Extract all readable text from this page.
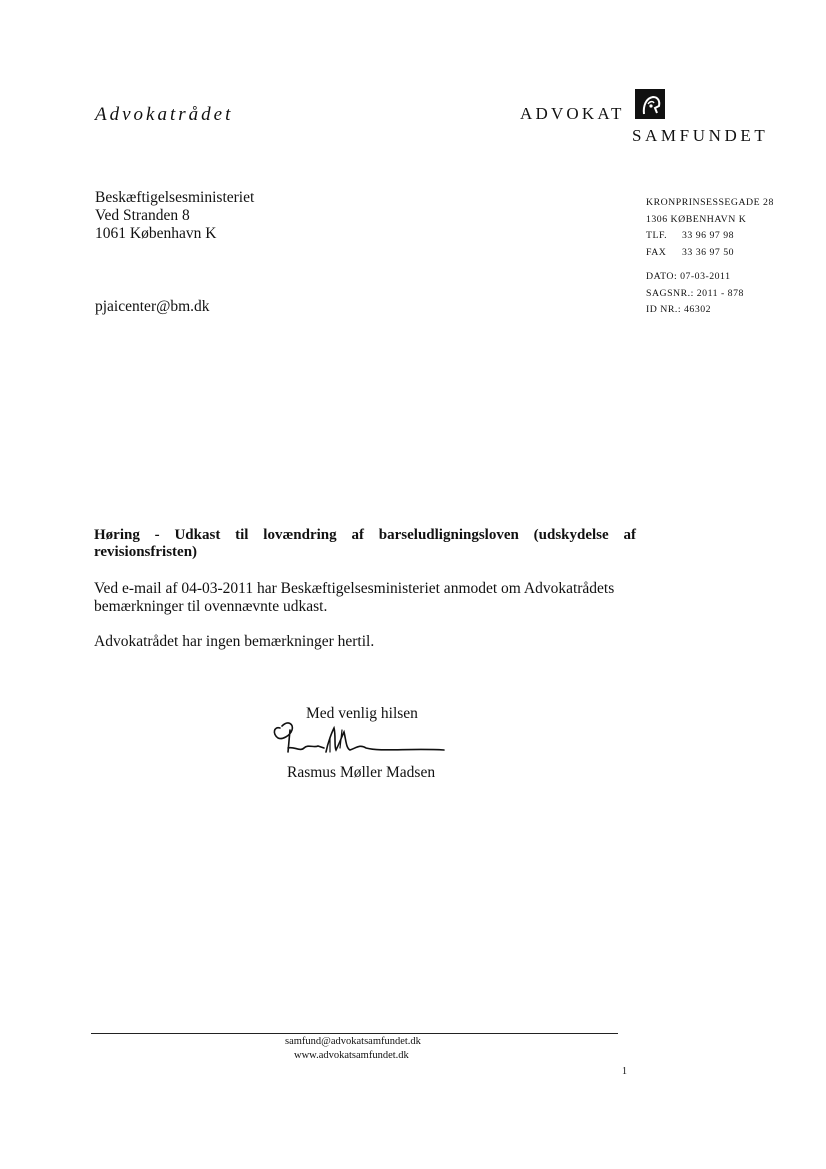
Advokatrådet	ADVOKAT
SAMFUNDET
Beskæftigelsesministeriet
Ved Stranden 8
1061 København K
pjaicenter@bm.dk
KRONPRINSESSEGADE 28
1306 KØBENHAVN K
TLF. 33 96 97 98
FAX 33 36 97 50
DATO: 07-03-2011
SAGSNR.: 2011 - 878
ID NR.: 46302
Høring - Udkast til lovændring af barseludligningsloven (udskydelse af revisionsfristen)
Ved e-mail af 04-03-2011 har Beskæftigelsesministeriet anmodet om Advokatrådets bemærkninger til ovennævnte udkast.
Advokatrådet har ingen bemærkninger hertil.
Med venlig hilsen
Rasmus Møller Madsen
samfund@advokatsamfundet.dk
www.advokatsamfundet.dk
1
